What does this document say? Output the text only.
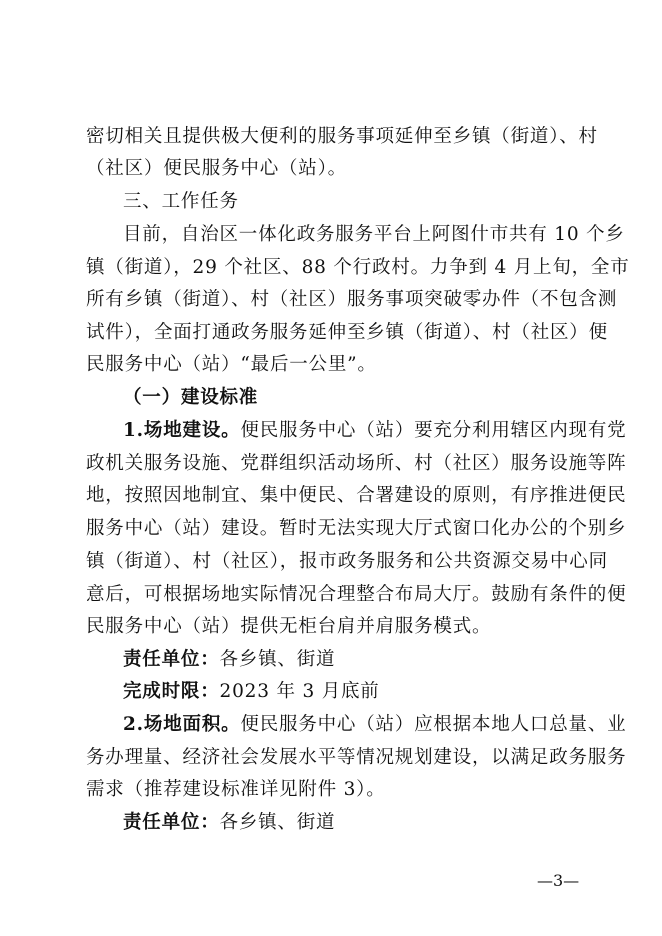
密切相关且提供极大便利的服务事项延伸至乡镇（街道）、村
（社区）便民服务中心（站）。
三、工作任务
目前，自治区一体化政务服务平台上阿图什市共有 10 个乡
镇（街道），29 个社区、88 个行政村。力争到 4 月上旬，全市
所有乡镇（街道）、村（社区）服务事项突破零办件（不包含测
试件），全面打通政务服务延伸至乡镇（街道）、村（社区）便
民服务中心（站）“最后一公里”。
（一）建设标准
1.场地建设。便民服务中心（站）要充分利用辖区内现有党
政机关服务设施、党群组织活动场所、村（社区）服务设施等阵
地，按照因地制宜、集中便民、合署建设的原则，有序推进便民
服务中心（站）建设。暂时无法实现大厅式窗口化办公的个别乡
镇（街道）、村（社区），报市政务服务和公共资源交易中心同
意后，可根据场地实际情况合理整合布局大厅。鼓励有条件的便
民服务中心（站）提供无柜台肩并肩服务模式。
责任单位：各乡镇、街道
完成时限：2023 年 3 月底前
2.场地面积。便民服务中心（站）应根据本地人口总量、业
务办理量、经济社会发展水平等情况规划建设，以满足政务服务
需求（推荐建设标准详见附件 3）。
责任单位：各乡镇、街道
—3—
